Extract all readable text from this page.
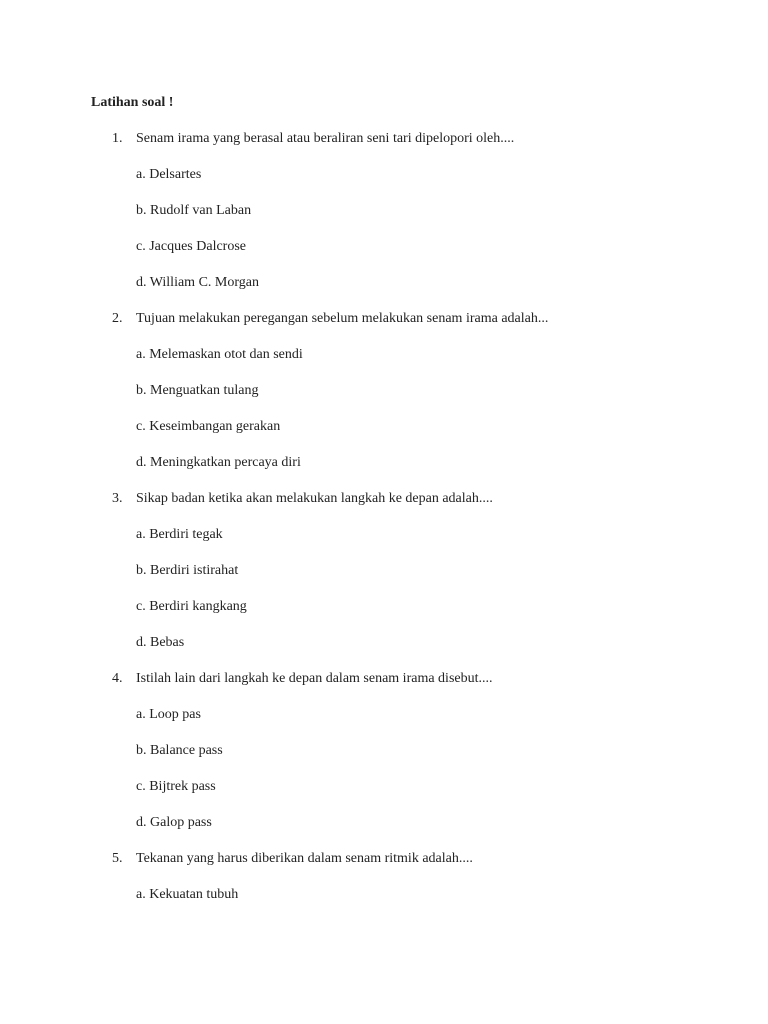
Latihan soal !
1. Senam irama yang berasal atau beraliran seni tari dipelopori oleh....
a. Delsartes
b. Rudolf van Laban
c. Jacques Dalcrose
d. William C. Morgan
2. Tujuan melakukan peregangan sebelum melakukan senam irama adalah...
a. Melemaskan otot dan sendi
b. Menguatkan tulang
c. Keseimbangan gerakan
d. Meningkatkan percaya diri
3. Sikap badan ketika akan melakukan langkah ke depan adalah....
a. Berdiri tegak
b. Berdiri istirahat
c. Berdiri kangkang
d. Bebas
4. Istilah lain dari langkah ke depan dalam senam irama disebut....
a. Loop pas
b. Balance pass
c. Bijtrek pass
d. Galop pass
5. Tekanan yang harus diberikan dalam senam ritmik adalah....
a. Kekuatan tubuh
